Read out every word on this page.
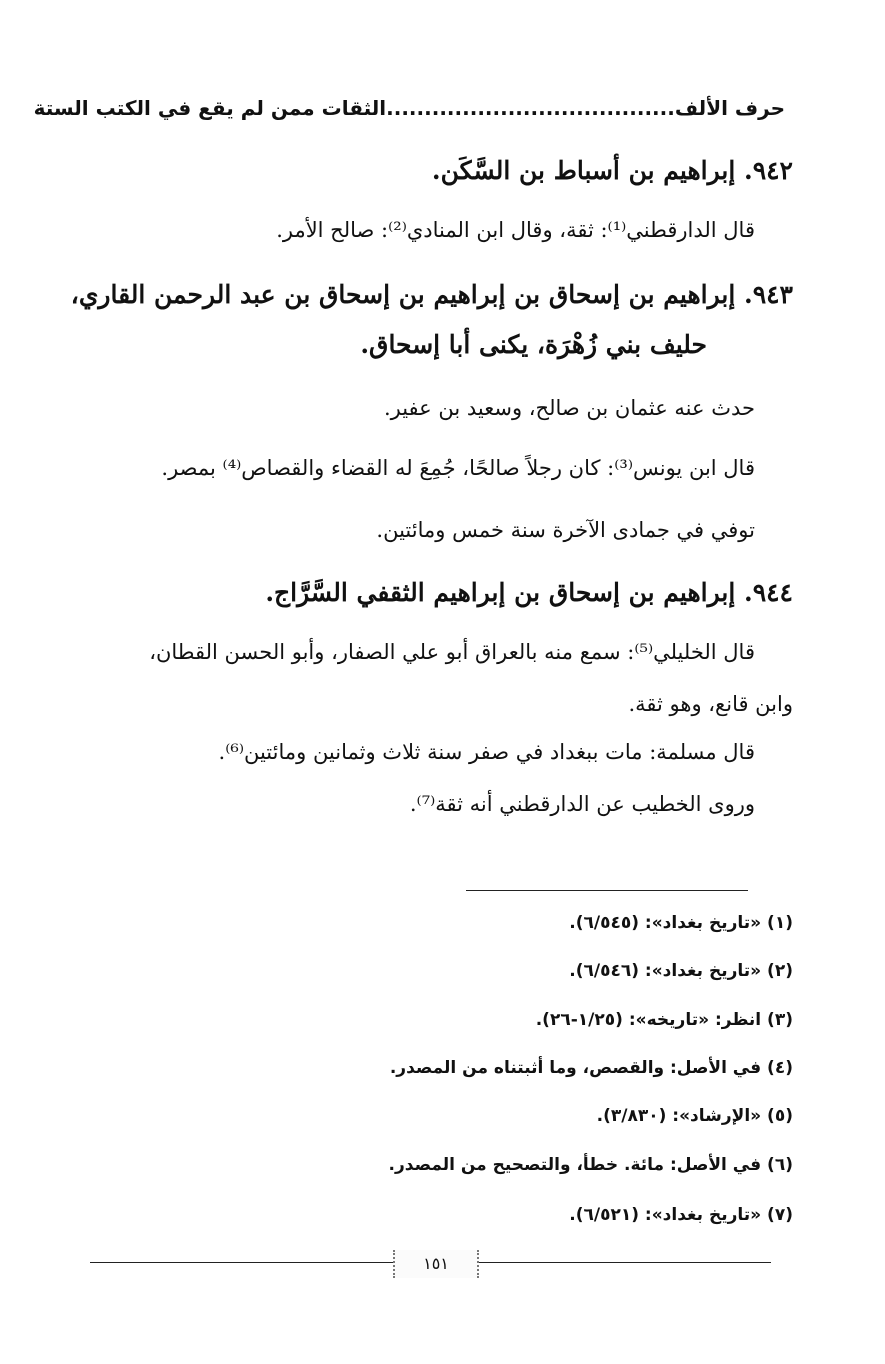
حرف الألف......................................الثقات ممن لم يقع في الكتب الستة
٩٤٢. إبراهيم بن أسباط بن السَّكَن.
قال الدارقطني⁽¹⁾: ثقة، وقال ابن المنادي⁽²⁾: صالح الأمر.
٩٤٣. إبراهيم بن إسحاق بن إبراهيم بن إسحاق بن عبد الرحمن القاري،
حليف بني زُهْرَة، يكنى أبا إسحاق.
حدث عنه عثمان بن صالح، وسعيد بن عفير.
قال ابن يونس⁽³⁾: كان رجلاً صالحًا، جُمِعَ له القضاء والقصاص⁽⁴⁾ بمصر.
توفي في جمادى الآخرة سنة خمس ومائتين.
٩٤٤. إبراهيم بن إسحاق بن إبراهيم الثقفي السَّرَّاج.
قال الخليلي⁽⁵⁾: سمع منه بالعراق أبو علي الصفار، وأبو الحسن القطان،
وابن قانع، وهو ثقة.
قال مسلمة: مات ببغداد في صفر سنة ثلاث وثمانين ومائتين⁽⁶⁾.
وروى الخطيب عن الدارقطني أنه ثقة⁽⁷⁾.
(١) «تاريخ بغداد»: (٦/٥٤٥).
(٢) «تاريخ بغداد»: (٦/٥٤٦).
(٣) انظر: «تاريخه»: (١/٢٥-٢٦).
(٤) في الأصل: والقصص، وما أثبتناه من المصدر.
(٥) «الإرشاد»: (٣/٨٣٠).
(٦) في الأصل: مائة. خطأ، والتصحيح من المصدر.
(٧) «تاريخ بغداد»: (٦/٥٢١).
١٥١
